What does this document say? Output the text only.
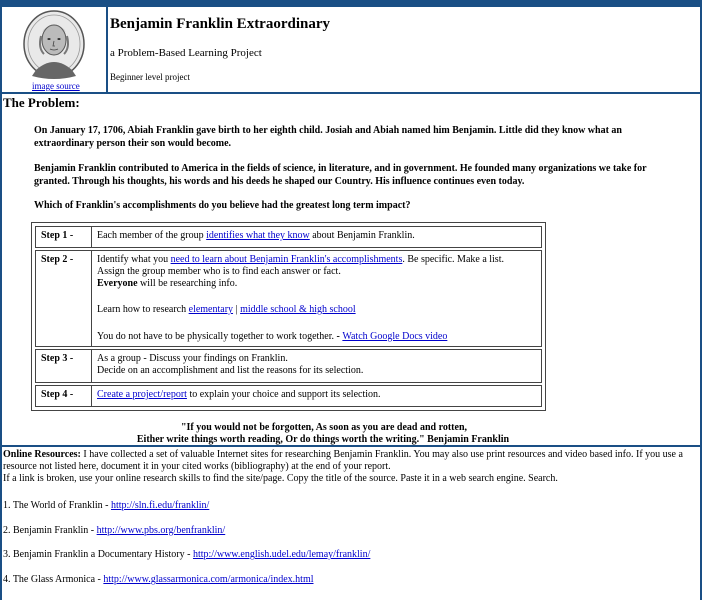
image source
Benjamin Franklin Extraordinary
a Problem-Based Learning Project
Beginner level project
The Problem:
On January 17, 1706, Abiah Franklin gave birth to her eighth child. Josiah and Abiah named him Benjamin. Little did they know what an extraordinary person their son would become.
Benjamin Franklin contributed to America in the fields of science, in literature, and in government. He founded many organizations we take for granted. Through his thoughts, his words and his deeds he shaped our Country. His influence continues even today.
Which of Franklin's accomplishments do you believe had the greatest long term impact?
Step 1 -	Each member of the group identifies what they know about Benjamin Franklin.
Step 2 -	Identify what you need to learn about Benjamin Franklin's accomplishments. Be specific. Make a list.
Assign the group member who is to find each answer or fact.
Everyone will be researching info.
Learn how to research elementary | middle school & high school
You do not have to be physically together to work together. - Watch Google Docs video
Step 3 -	As a group - Discuss your findings on Franklin.
Decide on an accomplishment and list the reasons for its selection.
Step 4 -	Create a project/report to explain your choice and support its selection.
"If you would not be forgotten, As soon as you are dead and rotten,
Either write things worth reading, Or do things worth the writing." Benjamin Franklin
Online Resources: I have collected a set of valuable Internet sites for researching Benjamin Franklin. You may also use print resources and video based info. If you use a resource not listed here, document it in your cited works (bibliography) at the end of your report.
If a link is broken, use your online research skills to find the site/page. Copy the title of the source. Paste it in a web search engine. Search.
1. The World of Franklin - http://sln.fi.edu/franklin/
2. Benjamin Franklin - http://www.pbs.org/benfranklin/
3. Benjamin Franklin a Documentary History - http://www.english.udel.edu/lemay/franklin/
4. The Glass Armonica - http://www.glassarmonica.com/armonica/index.html
